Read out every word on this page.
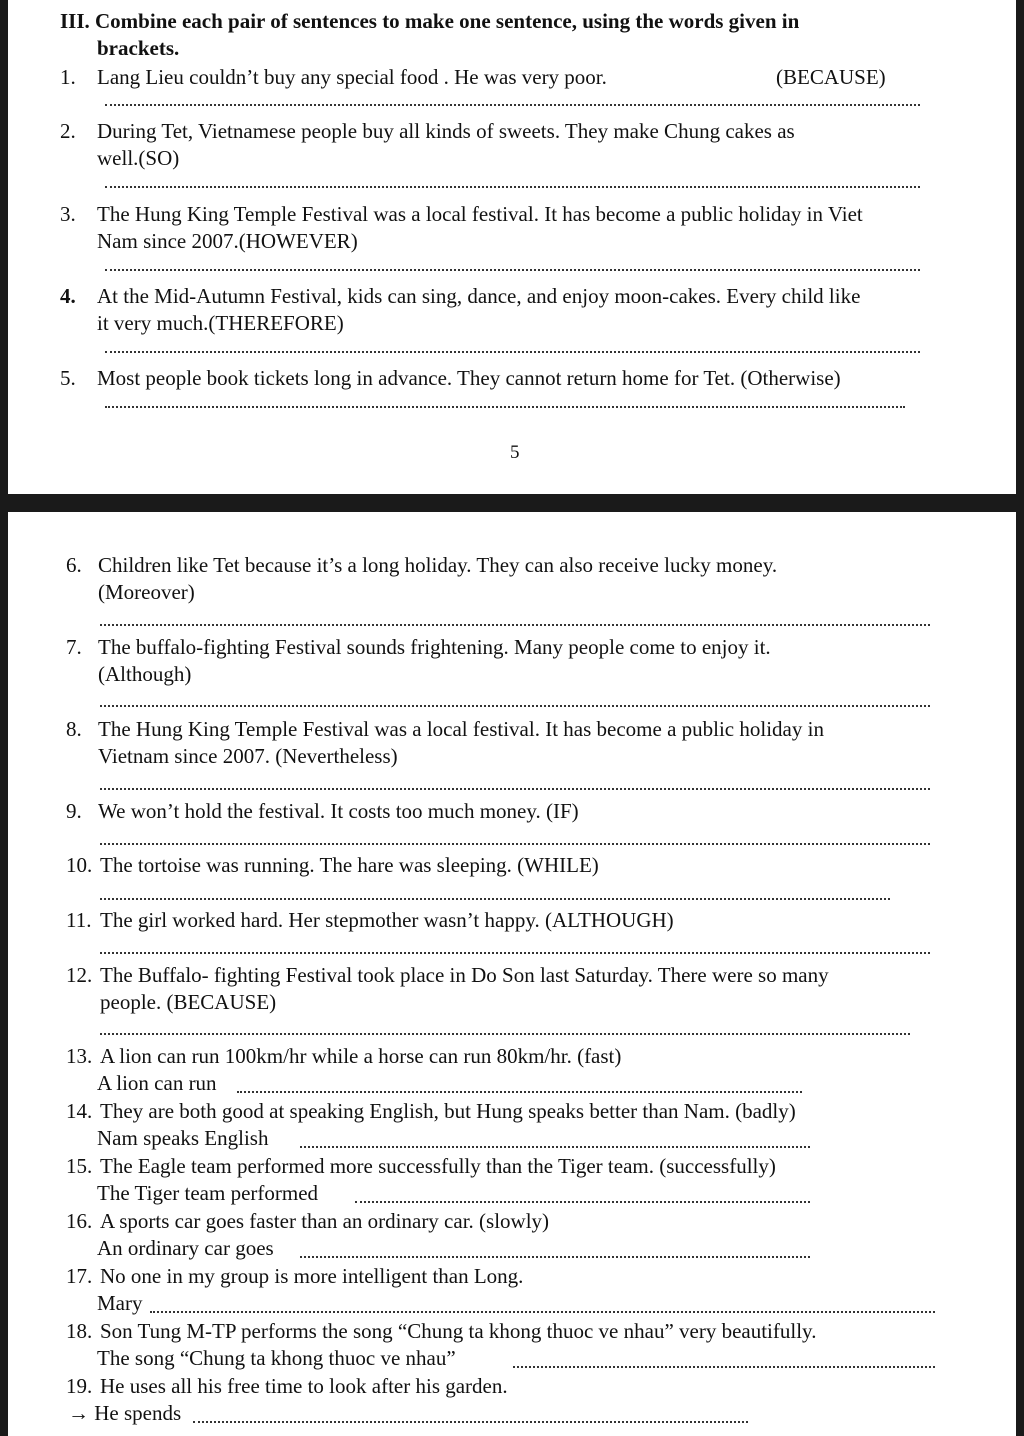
III. Combine each pair of sentences to make one sentence, using the words given in
brackets.
1. Lang Lieu couldn’t buy any special food . He was very poor.	(BECAUSE)
2. During Tet, Vietnamese people buy all kinds of sweets. They make Chung cakes as
well.(SO)
3. The Hung King Temple Festival was a local festival. It has become a public holiday in Viet
Nam since 2007.(HOWEVER)
4. At the Mid-Autumn Festival, kids can sing, dance, and enjoy moon-cakes. Every child like
it very much.(THEREFORE)
5. Most people book tickets long in advance. They cannot return home for Tet. (Otherwise)
5
6. Children like Tet because it’s a long holiday. They can also receive lucky money.
(Moreover)
7. The buffalo-fighting Festival sounds frightening. Many people come to enjoy it.
(Although)
8. The Hung King Temple Festival was a local festival. It has become a public holiday in
Vietnam since 2007. (Nevertheless)
9. We won’t hold the festival. It costs too much money. (IF)
10. The tortoise was running. The hare was sleeping. (WHILE)
11. The girl worked hard. Her stepmother wasn’t happy. (ALTHOUGH)
12. The Buffalo- fighting Festival took place in Do Son last Saturday. There were so many
people. (BECAUSE)
13. A lion can run 100km/hr while a horse can run 80km/hr. (fast)
A lion can run
14. They are both good at speaking English, but Hung speaks better than Nam. (badly)
Nam speaks English
15. The Eagle team performed more successfully than the Tiger team. (successfully)
The Tiger team performed
16. A sports car goes faster than an ordinary car. (slowly)
An ordinary car goes
17. No one in my group is more intelligent than Long.
Mary
18. Son Tung M-TP performs the song “Chung ta khong thuoc ve nhau” very beautifully.
The song “Chung ta khong thuoc ve nhau”
19. He uses all his free time to look after his garden.
→ He spends
